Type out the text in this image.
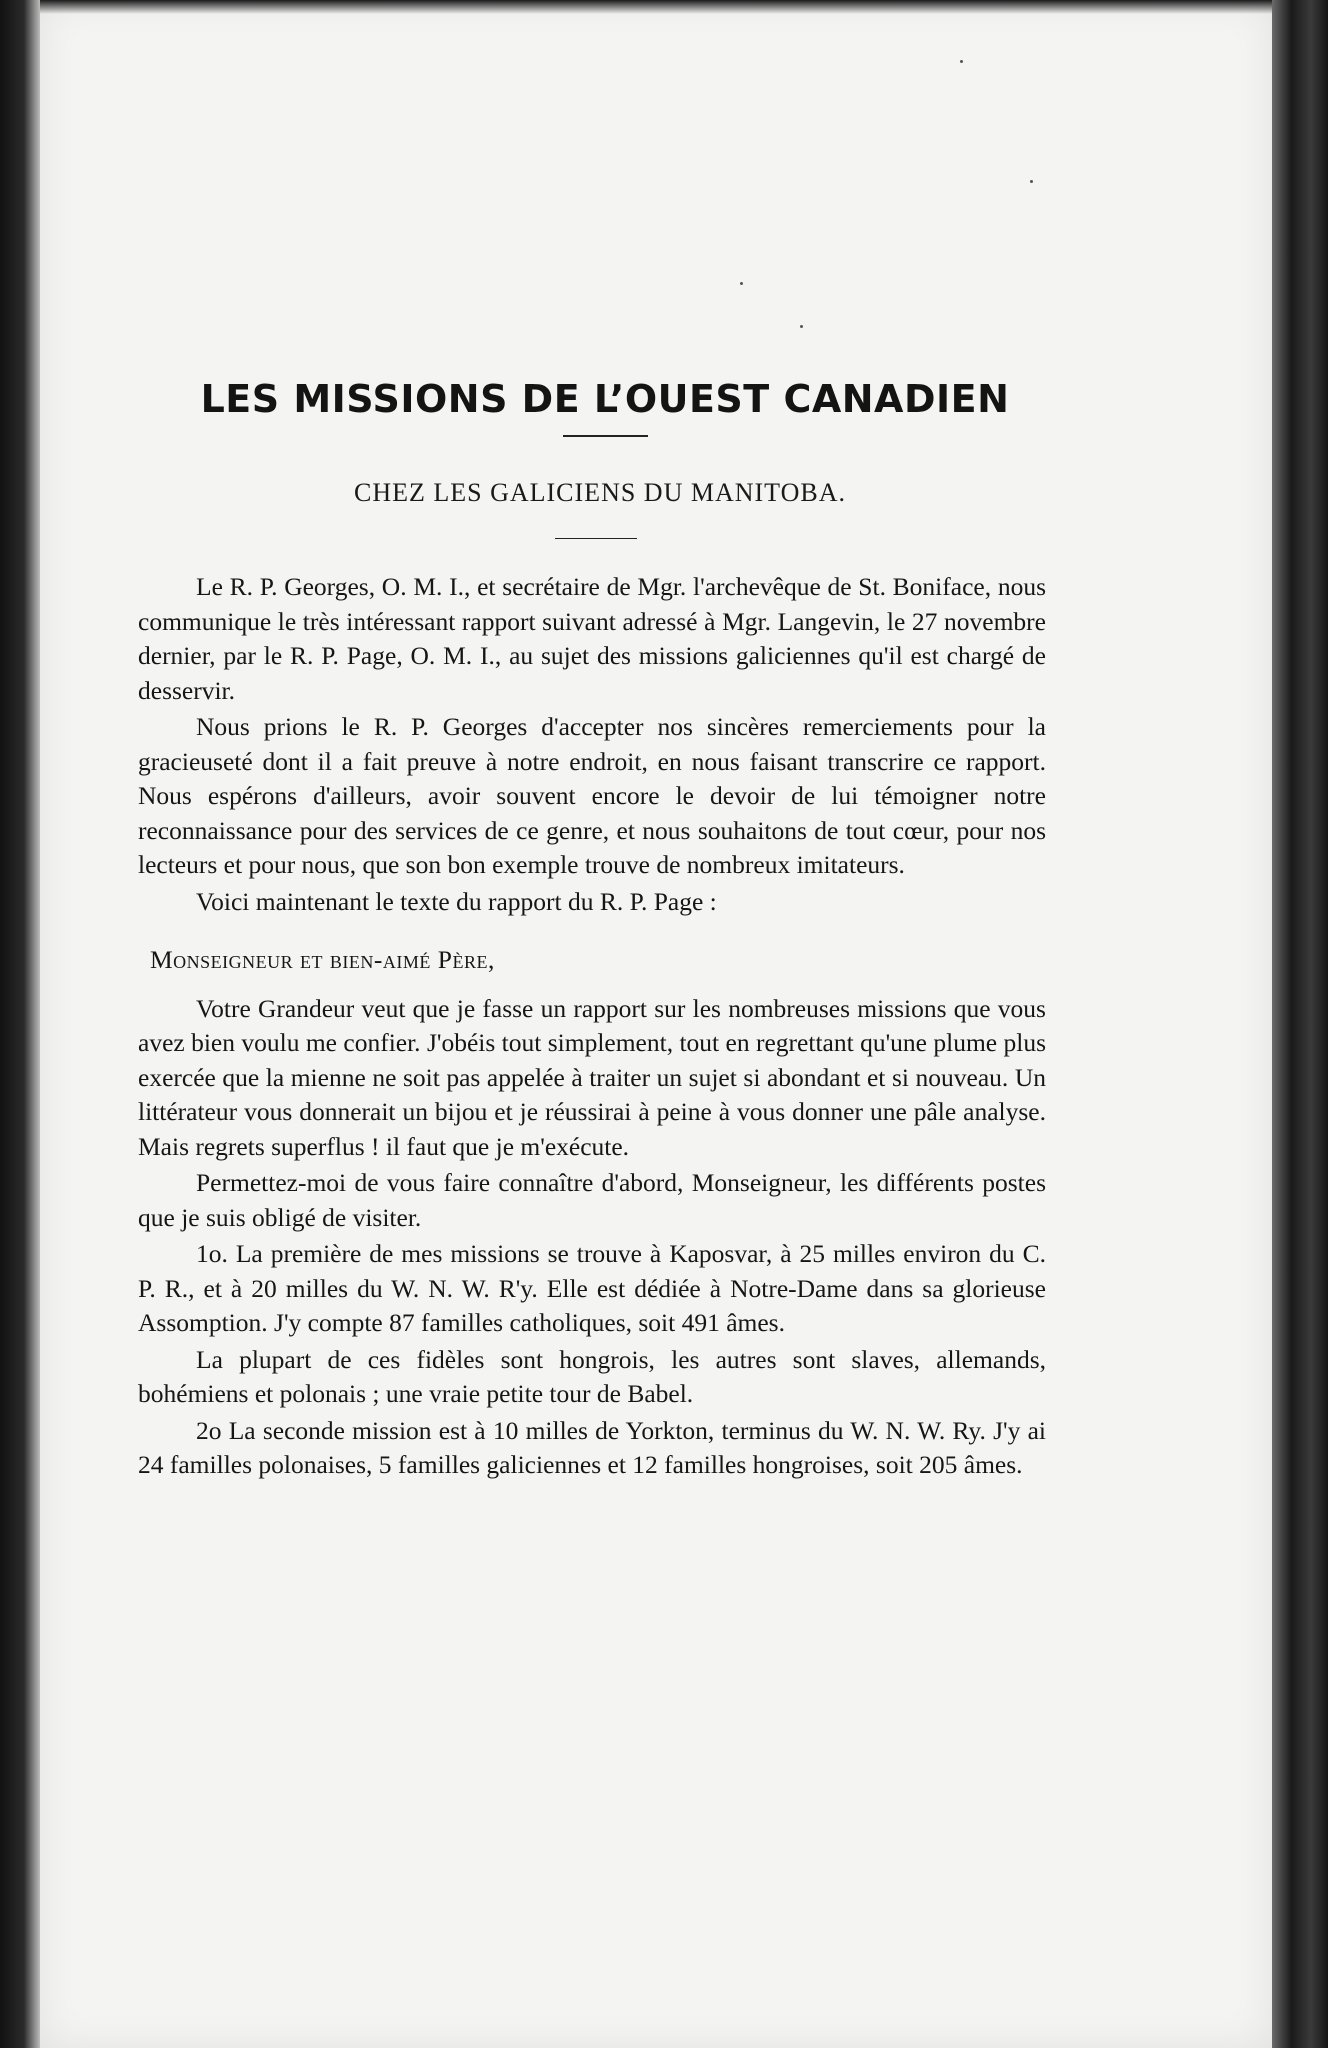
LES MISSIONS DE L’OUEST CANADIEN
CHEZ LES GALICIENS DU MANITOBA.

Le R. P. Georges, O. M. I., et secrétaire de Mgr. l'archevêque de St. Boniface, nous communique le très intéressant rapport suivant adressé à Mgr. Langevin, le 27 novembre dernier, par le R. P. Page, O. M. I., au sujet des missions galiciennes qu'il est chargé de desservir.

Nous prions le R. P. Georges d'accepter nos sincères remerciements pour la gracieuseté dont il a fait preuve à notre endroit, en nous faisant transcrire ce rapport. Nous espérons d'ailleurs, avoir souvent encore le devoir de lui témoigner notre reconnaissance pour des services de ce genre, et nous souhaitons de tout cœur, pour nos lecteurs et pour nous, que son bon exemple trouve de nombreux imitateurs.

Voici maintenant le texte du rapport du R. P. Page :

Monseigneur et bien-aimé Père,

Votre Grandeur veut que je fasse un rapport sur les nombreuses missions que vous avez bien voulu me confier. J'obéis tout simplement, tout en regrettant qu'une plume plus exercée que la mienne ne soit pas appelée à traiter un sujet si abondant et si nouveau. Un littérateur vous donnerait un bijou et je réussirai à peine à vous donner une pâle analyse. Mais regrets superflus ! il faut que je m'exécute.

Permettez-moi de vous faire connaître d'abord, Monseigneur, les différents postes que je suis obligé de visiter.

1o. La première de mes missions se trouve à Kaposvar, à 25 milles environ du C. P. R., et à 20 milles du W. N. W. R'y. Elle est dédiée à Notre-Dame dans sa glorieuse Assomption. J'y compte 87 familles catholiques, soit 491 âmes.

La plupart de ces fidèles sont hongrois, les autres sont slaves, allemands, bohémiens et polonais ; une vraie petite tour de Babel.

2o La seconde mission est à 10 milles de Yorkton, terminus du W. N. W. Ry. J'y ai 24 familles polonaises, 5 familles galiciennes et 12 familles hongroises, soit 205 âmes.
